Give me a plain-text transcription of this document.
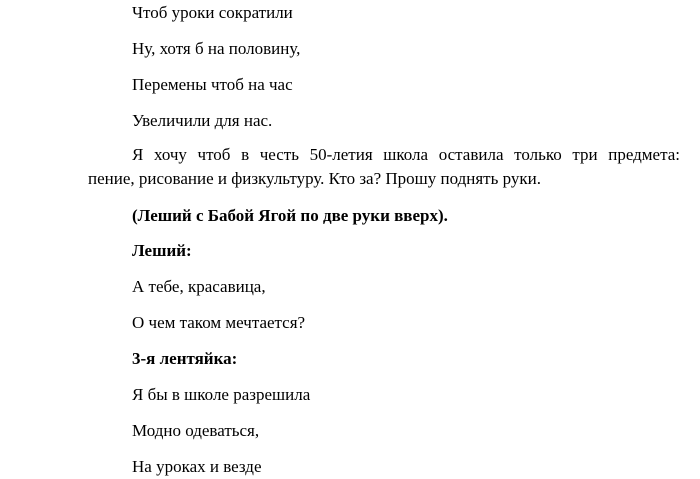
Чтоб уроки сократили
Ну, хотя б на половину,
Перемены чтоб на час
Увеличили для нас.
Я хочу чтоб в честь 50-летия школа оставила только три предмета:
пение, рисование и физкультуру. Кто за? Прошу поднять руки.
(Леший с Бабой Ягой по две руки вверх).
Леший:
А тебе, красавица,
О чем таком мечтается?
3-я лентяйка:
Я бы в школе разрешила
Модно одеваться,
На уроках и везде
